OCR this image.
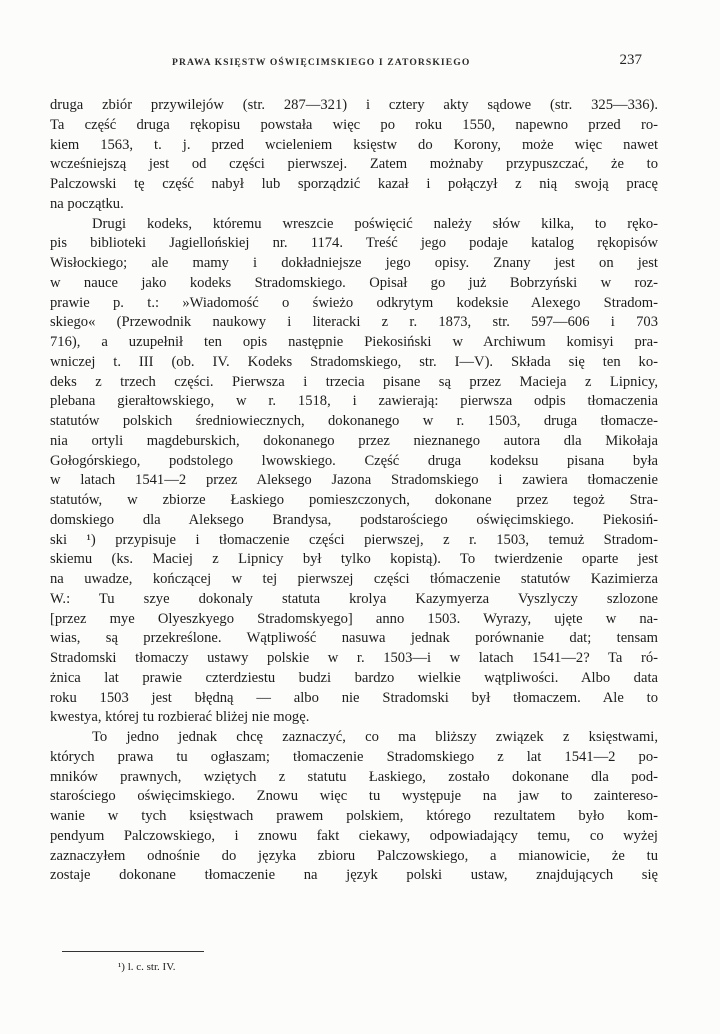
PRAWA KSIĘSTW OŚWIĘCIMSKIEGO I ZATORSKIEGO	237
druga zbiór przywilejów (str. 287—321) i cztery akty sądowe (str. 325—336).
Ta część druga rękopisu powstała więc po roku 1550, napewno przed ro-
kiem 1563, t. j. przed wcieleniem księstw do Korony, może więc nawet
wcześniejszą jest od części pierwszej. Zatem możnaby przypuszczać, że to
Palczowski tę część nabył lub sporządzić kazał i połączył z nią swoją pracę
na początku.
Drugi kodeks, któremu wreszcie poświęcić należy słów kilka, to ręko-
pis biblioteki Jagiellońskiej nr. 1174. Treść jego podaje katalog rękopisów
Wisłockiego; ale mamy i dokładniejsze jego opisy. Znany jest on jest
w nauce jako kodeks Stradomskiego. Opisał go już Bobrzyński w roz-
prawie p. t.: »Wiadomość o świeżo odkrytym kodeksie Alexego Stradom-
skiego« (Przewodnik naukowy i literacki z r. 1873, str. 597—606 i 703
716), a uzupełnił ten opis następnie Piekosiński w Archiwum komisyi pra-
wniczej t. III (ob. IV. Kodeks Stradomskiego, str. I—V). Składa się ten ko-
deks z trzech części. Pierwsza i trzecia pisane są przez Macieja z Lipnicy,
plebana gierałtowskiego, w r. 1518, i zawierają: pierwsza odpis tłomaczenia
statutów polskich średniowiecznych, dokonanego w r. 1503, druga tłomacze-
nia ortyli magdeburskich, dokonanego przez nieznanego autora dla Mikołaja
Gołogórskiego, podstolego lwowskiego. Część druga kodeksu pisana była
w latach 1541—2 przez Aleksego Jazona Stradomskiego i zawiera tłomaczenie
statutów, w zbiorze Łaskiego pomieszczonych, dokonane przez tegoż Stra-
domskiego dla Aleksego Brandysa, podstarościego oświęcimskiego. Piekosiń-
ski ¹) przypisuje i tłomaczenie części pierwszej, z r. 1503, temuż Stradom-
skiemu (ks. Maciej z Lipnicy był tylko kopistą). To twierdzenie oparte jest
na uwadze, kończącej w tej pierwszej części tłómaczenie statutów Kazimierza
W.: Tu szye dokonaly statuta krolya Kazymyerza Vyszlyczy szlozone
[przez mye Olyeszkyego Stradomskyego] anno 1503. Wyrazy, ujęte w na-
wias, są przekreślone. Wątpliwość nasuwa jednak porównanie dat; tensam
Stradomski tłomaczy ustawy polskie w r. 1503—i w latach 1541—2? Ta ró-
żnica lat prawie czterdziestu budzi bardzo wielkie wątpliwości. Albo data
roku 1503 jest błędną — albo nie Stradomski był tłomaczem. Ale to
kwestya, której tu rozbierać bliżej nie mogę.
To jedno jednak chcę zaznaczyć, co ma bliższy związek z księstwami,
których prawa tu ogłaszam; tłomaczenie Stradomskiego z lat 1541—2 po-
mników prawnych, wziętych z statutu Łaskiego, zostało dokonane dla pod-
starościego oświęcimskiego. Znowu więc tu występuje na jaw to zaintereso-
wanie w tych księstwach prawem polskiem, którego rezultatem było kom-
pendyum Palczowskiego, i znowu fakt ciekawy, odpowiadający temu, co wyżej
zaznaczyłem odnośnie do języka zbioru Palczowskiego, a mianowicie, że tu
zostaje dokonane tłomaczenie na język polski ustaw, znajdujących się
¹) l. c. str. IV.
